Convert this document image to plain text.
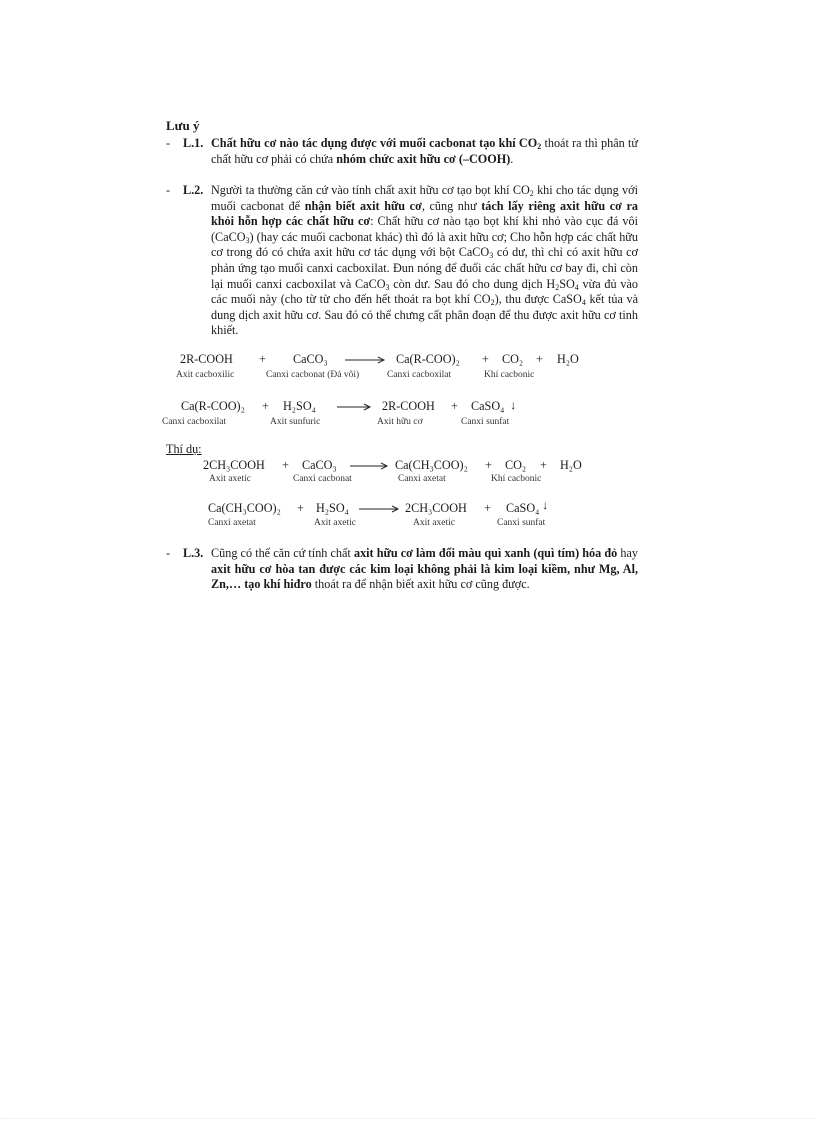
Lưu ý
- L.1. Chất hữu cơ nào tác dụng được với muối cacbonat tạo khí $CO_2$ thoát ra thì phân tử chất hữu cơ phải có chứa nhóm chức axit hữu cơ (–COOH).
- L.2. Người ta thường căn cứ vào tính chất axit hữu cơ tạo bọt khí $CO_2$ khi cho tác dụng với muối cacbonat để nhận biết axit hữu cơ, cũng như tách lấy riêng axit hữu cơ ra khỏi hỗn hợp các chất hữu cơ: Chất hữu cơ nào tạo bọt khí khi nhỏ vào cục đá vôi (CaCO$_3$) (hay các muối cacbonat khác) thì đó là axit hữu cơ; Cho hỗn hợp các chất hữu cơ trong đó có chứa axit hữu cơ tác dụng với bột CaCO$_3$ có dư, thì chỉ có axit hữu cơ phản ứng tạo muối canxi cacboxilat. Đun nóng để đuổi các chất hữu cơ bay đi, chỉ còn lại muối canxi cacboxilat và CaCO$_3$ còn dư. Sau đó cho dung dịch $H_2SO_4$ vừa đủ vào các muối này (cho từ từ cho đến hết thoát ra bọt khí $CO_2$), thu được CaSO$_4$ kết tủa và dung dịch axit hữu cơ. Sau đó có thể chưng cất phân đoạn để thu được axit hữu cơ tinh khiết.
2R-COOH + CaCO₃ → Ca(R-COO)₂ + CO₂ + H₂O
Axit cacboxilic	Canxi cacbonat (Đá vôi)	Canxi cacboxilat	Khí cacbonic
Ca(R-COO)₂ + H₂SO₄ → 2R-COOH + CaSO₄ ↓
Canxi cacboxilat	Axit sunfuric	Axit hữu cơ	Canxi sunfat
Thí dụ:
2CH₃COOH + CaCO₃ → Ca(CH₃COO)₂ + CO₂ + H₂O
Axit axetic	Canxi cacbonat	Canxi axetat	Khí cacbonic
Ca(CH₃COO)₂ + H₂SO₄ → 2CH₃COOH + CaSO₄ ↓
Canxi axetat	Axit axetic	Axit axetic	Canxi sunfat
- L.3. Cũng có thể căn cứ tính chất axit hữu cơ làm đổi màu quì xanh (quì tím) hóa đỏ hay axit hữu cơ hòa tan được các kim loại không phải là kim loại kiềm, như Mg, Al, Zn,… tạo khí hiđro thoát ra để nhận biết axit hữu cơ cũng được.
